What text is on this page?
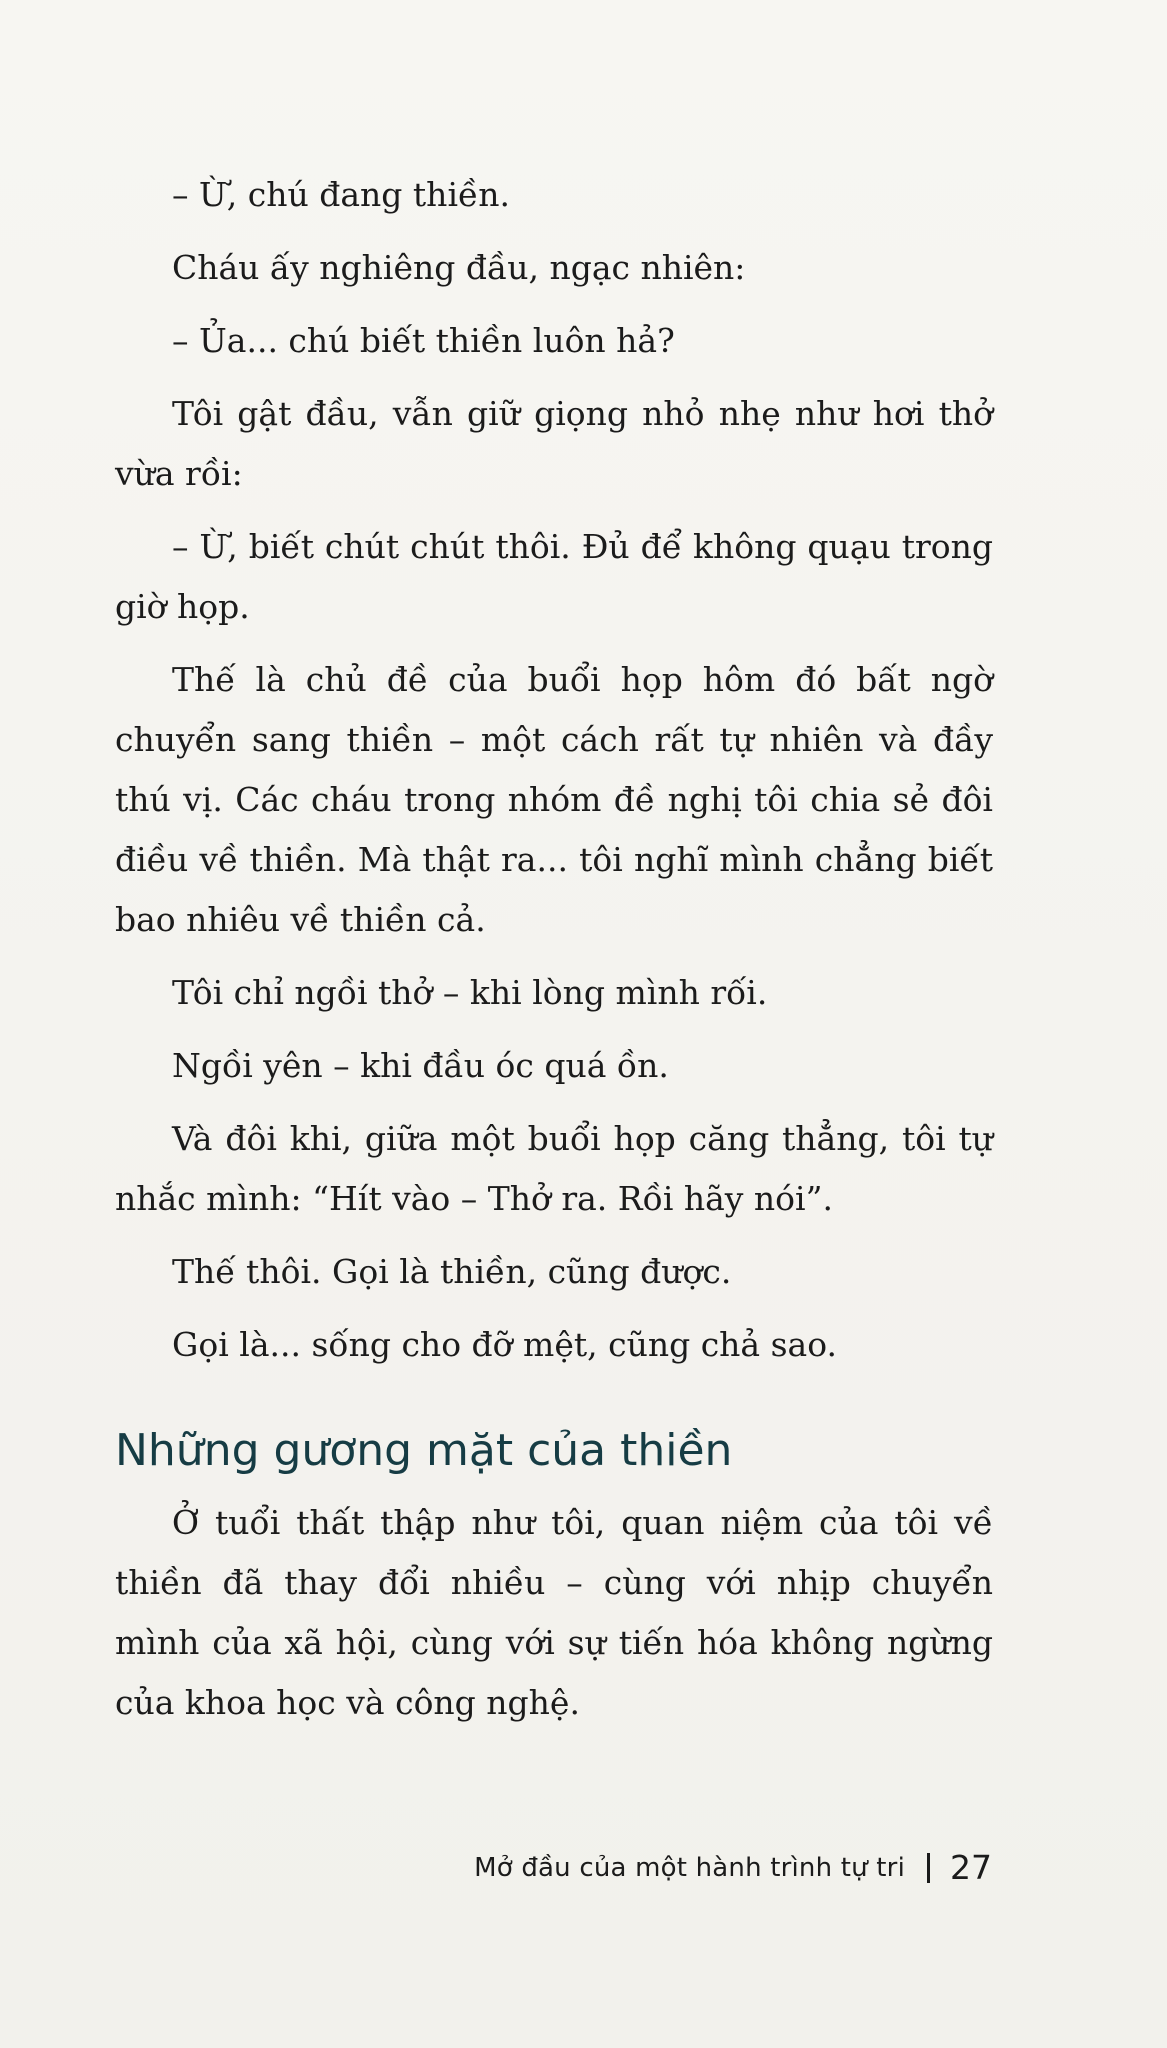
– Ừ, chú đang thiền.

Cháu ấy nghiêng đầu, ngạc nhiên:

– Ủa... chú biết thiền luôn hả?

Tôi gật đầu, vẫn giữ giọng nhỏ nhẹ như hơi thở vừa rồi:

– Ừ, biết chút chút thôi. Đủ để không quạu trong giờ họp.

Thế là chủ đề của buổi họp hôm đó bất ngờ chuyển sang thiền – một cách rất tự nhiên và đầy thú vị. Các cháu trong nhóm đề nghị tôi chia sẻ đôi điều về thiền. Mà thật ra... tôi nghĩ mình chẳng biết bao nhiêu về thiền cả.

Tôi chỉ ngồi thở – khi lòng mình rối.

Ngồi yên – khi đầu óc quá ồn.

Và đôi khi, giữa một buổi họp căng thẳng, tôi tự nhắc mình: “Hít vào – Thở ra. Rồi hãy nói”.

Thế thôi. Gọi là thiền, cũng được.

Gọi là... sống cho đỡ mệt, cũng chả sao.

Những gương mặt của thiền

Ở tuổi thất thập như tôi, quan niệm của tôi về thiền đã thay đổi nhiều – cùng với nhịp chuyển mình của xã hội, cùng với sự tiến hóa không ngừng của khoa học và công nghệ.

Mở đầu của một hành trình tự tri 27
